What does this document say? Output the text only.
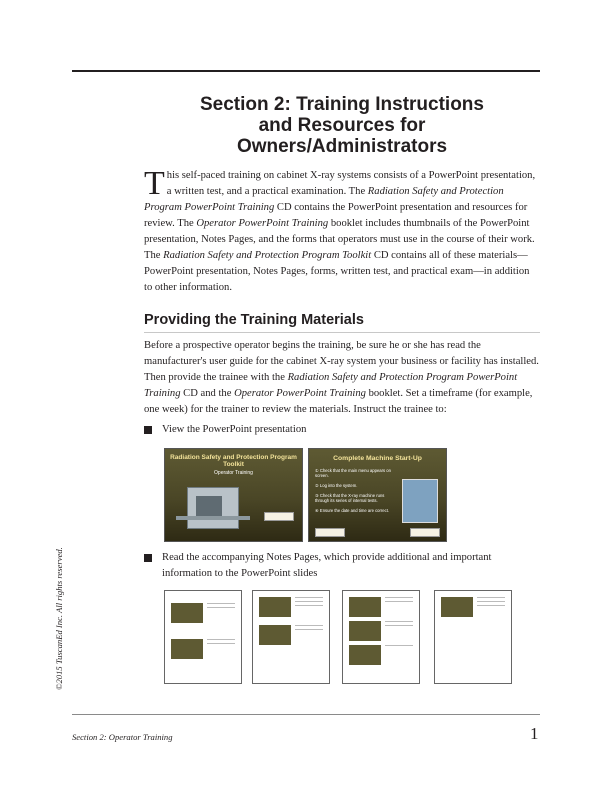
Section 2: Training Instructions
and Resources for
Owners/Administrators
This self-paced training on cabinet X-ray systems consists of a PowerPoint presentation, a written test, and a practical examination. The Radiation Safety and Protection Program PowerPoint Training CD contains the PowerPoint presentation and resources for review. The Operator PowerPoint Training booklet includes thumbnails of the PowerPoint presentation, Notes Pages, and the forms that operators must use in the course of their work. The Radiation Safety and Protection Program Toolkit CD contains all of these materials—PowerPoint presentation, Notes Pages, forms, written test, and practical exam—in addition to other information.
Providing the Training Materials
Before a prospective operator begins the training, be sure he or she has read the manufacturer's user guide for the cabinet X-ray system your business or facility has installed. Then provide the trainee with the Radiation Safety and Protection Program PowerPoint Training CD and the Operator PowerPoint Training booklet. Set a timeframe (for example, one week) for the trainer to review the materials. Instruct the trainee to:
View the PowerPoint presentation
Radiation Safety and Protection Program Toolkit
Operator Training
Complete Machine Start-Up
① Check that the main menu appears on screen.
② Log into the system.
③ Check that the X-ray machine runs through its series of internal tests.
④ Ensure the date and time are correct.
Read the accompanying Notes Pages, which provide additional and important information to the PowerPoint slides
©2015 TuscanEd Inc. All rights reserved.
Section 2: Operator Training	1
